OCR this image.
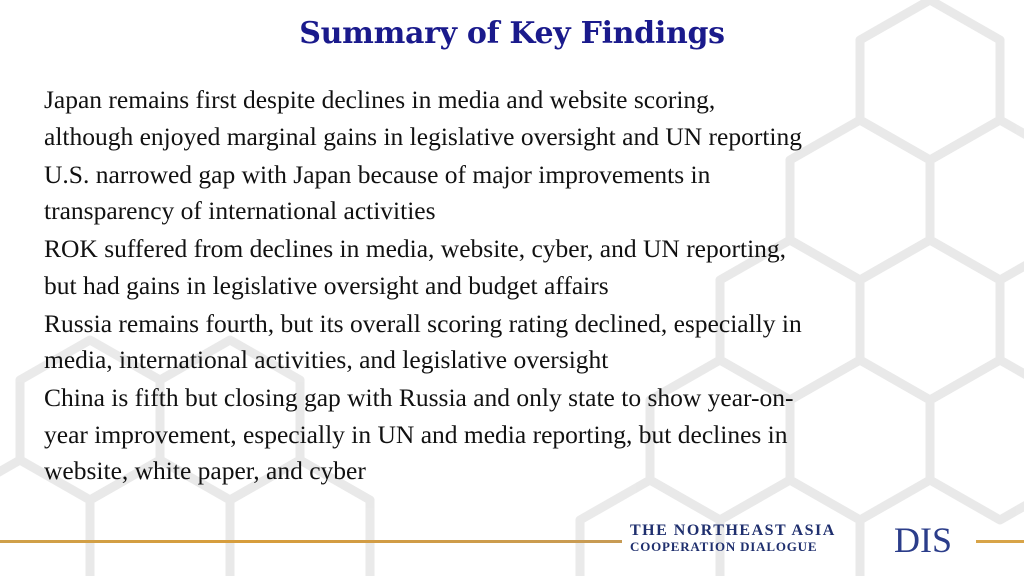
Summary of Key Findings
Japan remains first despite declines in media and website scoring,
although enjoyed marginal gains in legislative oversight and UN reporting
U.S. narrowed gap with Japan because of major improvements in
transparency of international activities
ROK suffered from declines in media, website, cyber, and UN reporting,
but had gains in legislative oversight and budget affairs
Russia remains fourth, but its overall scoring rating declined, especially in
media, international activities, and legislative oversight
China is fifth but closing gap with Russia and only state to show year-on-
year improvement, especially in UN and media reporting, but declines in
website, white paper, and cyber
THE NORTHEAST ASIA
COOPERATION DIALOGUE DIS
